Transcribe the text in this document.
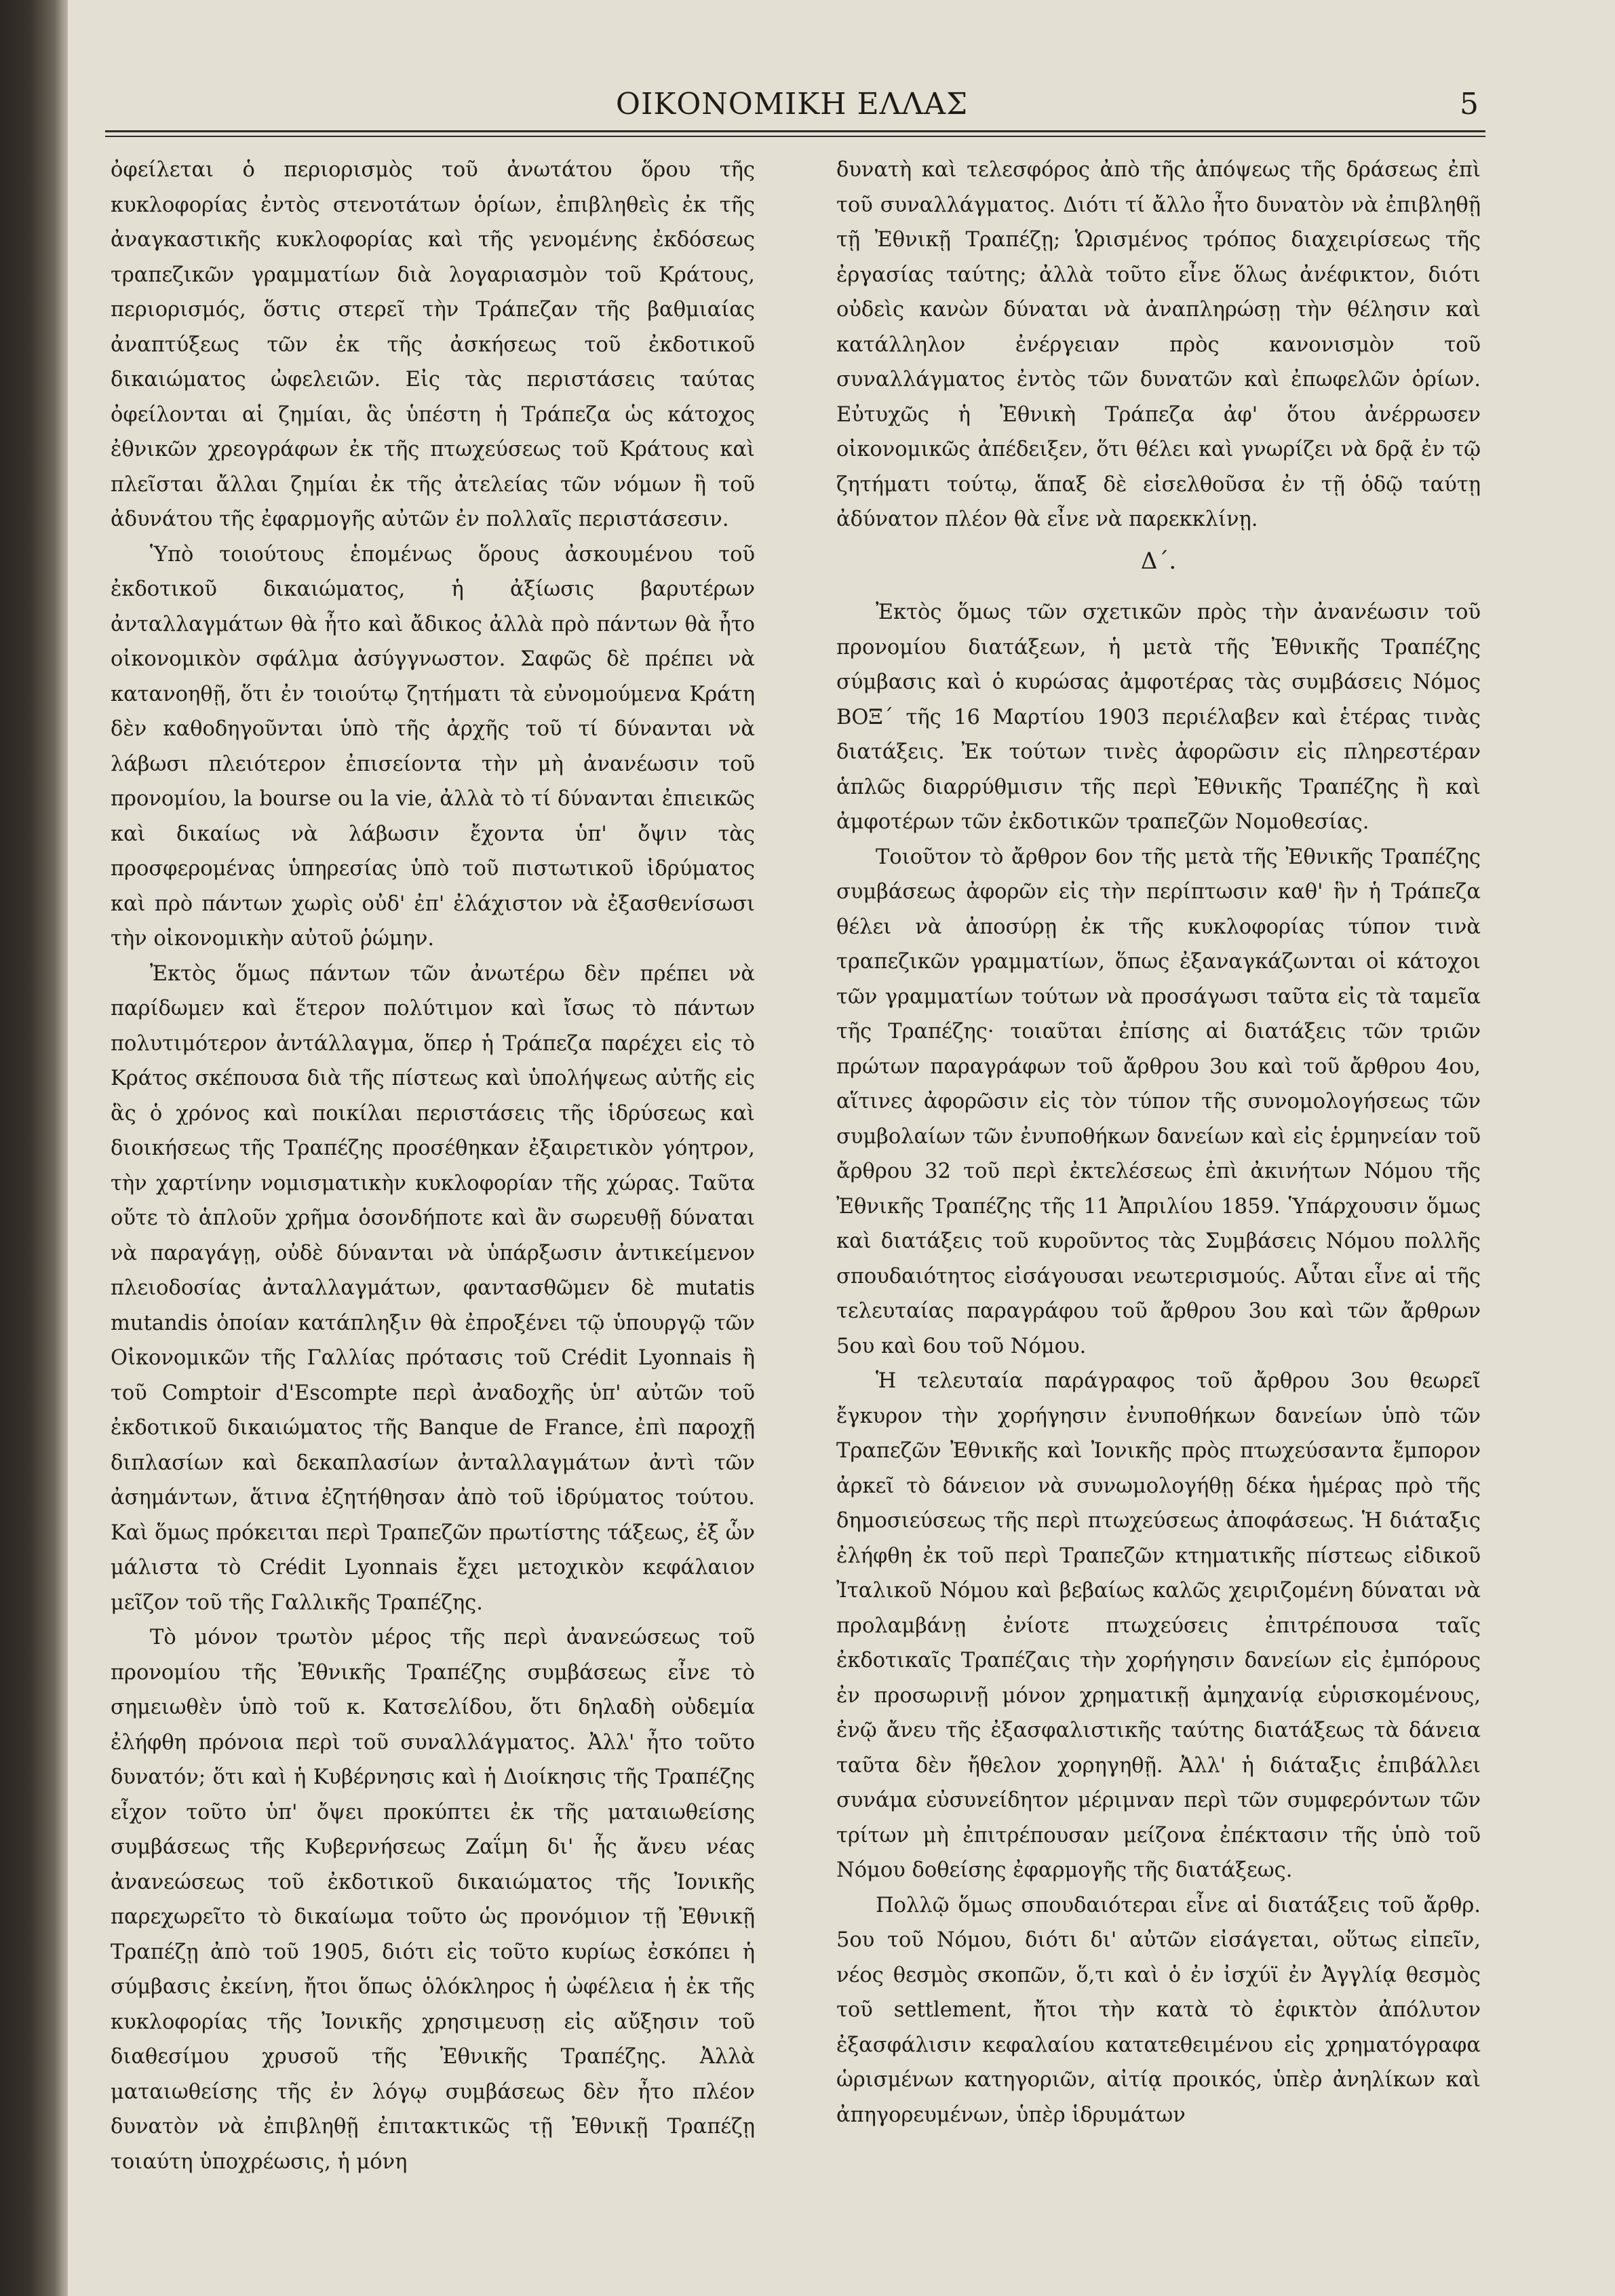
ΟΙΚΟΝΟΜΙΚΗ ΕΛΛΑΣ	5

ὀφείλεται ὁ περιορισμὸς τοῦ ἀνωτάτου ὅρου τῆς κυκλοφορίας ἐντὸς στενοτάτων ὁρίων, ἐπιβληθεὶς ἐκ τῆς ἀναγκαστικῆς κυκλοφορίας καὶ τῆς γενομένης ἐκδόσεως τραπεζικῶν γραμματίων διὰ λογαριασμὸν τοῦ Κράτους, περιορισμός, ὅστις στερεῖ τὴν Τράπεζαν τῆς βαθμιαίας ἀναπτύξεως τῶν ἐκ τῆς ἀσκήσεως τοῦ ἐκδοτικοῦ δικαιώματος ὠφελειῶν. Εἰς τὰς περιστάσεις ταύτας ὀφείλονται αἱ ζημίαι, ἃς ὑπέστη ἡ Τράπεζα ὡς κάτοχος ἐθνικῶν χρεογράφων ἐκ τῆς πτωχεύσεως τοῦ Κράτους καὶ πλεῖσται ἄλλαι ζημίαι ἐκ τῆς ἀτελείας τῶν νόμων ἢ τοῦ ἀδυνάτου τῆς ἐφαρμογῆς αὐτῶν ἐν πολλαῖς περιστάσεσιν.

Ὑπὸ τοιούτους ἑπομένως ὅρους ἀσκουμένου τοῦ ἐκδοτικοῦ δικαιώματος, ἡ ἀξίωσις βαρυτέρων ἀνταλλαγμάτων θὰ ἦτο καὶ ἄδικος ἀλλὰ πρὸ πάντων θὰ ἦτο οἰκονομικὸν σφάλμα ἀσύγγνωστον. Σαφῶς δὲ πρέπει νὰ κατανοηθῇ, ὅτι ἐν τοιούτῳ ζητήματι τὰ εὐνομούμενα Κράτη δὲν καθοδηγοῦνται ὑπὸ τῆς ἀρχῆς τοῦ τί δύνανται νὰ λάβωσι πλειότερον ἐπισείοντα τὴν μὴ ἀνανέωσιν τοῦ προνομίου, la bourse ou la vie, ἀλλὰ τὸ τί δύνανται ἐπιεικῶς καὶ δικαίως νὰ λάβωσιν ἔχοντα ὑπ' ὄψιν τὰς προσφερομένας ὑπηρεσίας ὑπὸ τοῦ πιστωτικοῦ ἱδρύματος καὶ πρὸ πάντων χωρὶς οὐδ' ἐπ' ἐλάχιστον νὰ ἐξασθενίσωσι τὴν οἰκονομικὴν αὐτοῦ ῥώμην.

Ἐκτὸς ὅμως πάντων τῶν ἀνωτέρω δὲν πρέπει νὰ παρίδωμεν καὶ ἕτερον πολύτιμον καὶ ἴσως τὸ πάντων πολυτιμότερον ἀντάλλαγμα, ὅπερ ἡ Τράπεζα παρέχει εἰς τὸ Κράτος σκέπουσα διὰ τῆς πίστεως καὶ ὑπολήψεως αὐτῆς εἰς ἃς ὁ χρόνος καὶ ποικίλαι περιστάσεις τῆς ἱδρύσεως καὶ διοικήσεως τῆς Τραπέζης προσέθηκαν ἐξαιρετικὸν γόητρον, τὴν χαρτίνην νομισματικὴν κυκλοφορίαν τῆς χώρας. Ταῦτα οὔτε τὸ ἁπλοῦν χρῆμα ὁσονδήποτε καὶ ἂν σωρευθῇ δύναται νὰ παραγάγῃ, οὐδὲ δύνανται νὰ ὑπάρξωσιν ἀντικείμενον πλειοδοσίας ἀνταλλαγμάτων, φαντασθῶμεν δὲ mutatis mutandis ὁποίαν κατάπληξιν θὰ ἐπροξένει τῷ ὑπουργῷ τῶν Οἰκονομικῶν τῆς Γαλλίας πρότασις τοῦ Crédit Lyonnais ἢ τοῦ Comptoir d'Escompte περὶ ἀναδοχῆς ὑπ' αὐτῶν τοῦ ἐκδοτικοῦ δικαιώματος τῆς Banque de France, ἐπὶ παροχῇ διπλασίων καὶ δεκαπλασίων ἀνταλλαγμάτων ἀντὶ τῶν ἀσημάντων, ἅτινα ἐζητήθησαν ἀπὸ τοῦ ἱδρύματος τούτου. Καὶ ὅμως πρόκειται περὶ Τραπεζῶν πρωτίστης τάξεως, ἐξ ὧν μάλιστα τὸ Crédit Lyonnais ἔχει μετοχικὸν κεφάλαιον μεῖζον τοῦ τῆς Γαλλικῆς Τραπέζης.

Τὸ μόνον τρωτὸν μέρος τῆς περὶ ἀνανεώσεως τοῦ προνομίου τῆς Ἐθνικῆς Τραπέζης συμβάσεως εἶνε τὸ σημειωθὲν ὑπὸ τοῦ κ. Κατσελίδου, ὅτι δηλαδὴ οὐδεμία ἐλήφθη πρόνοια περὶ τοῦ συναλλάγματος. Ἀλλ' ἦτο τοῦτο δυνατόν; ὅτι καὶ ἡ Κυβέρνησις καὶ ἡ Διοίκησις τῆς Τραπέζης εἶχον τοῦτο ὑπ' ὄψει προκύπτει ἐκ τῆς ματαιωθείσης συμβάσεως τῆς Κυβερνήσεως Ζαΐμη δι' ἧς ἄνευ νέας ἀνανεώσεως τοῦ ἐκδοτικοῦ δικαιώματος τῆς Ἰονικῆς παρεχωρεῖτο τὸ δικαίωμα τοῦτο ὡς προνόμιον τῇ Ἐθνικῇ Τραπέζῃ ἀπὸ τοῦ 1905, διότι εἰς τοῦτο κυρίως ἐσκόπει ἡ σύμβασις ἐκείνη, ἤτοι ὅπως ὁλόκληρος ἡ ὠφέλεια ἡ ἐκ τῆς κυκλοφορίας τῆς Ἰονικῆς χρησιμευσῃ εἰς αὔξησιν τοῦ διαθεσίμου χρυσοῦ τῆς Ἐθνικῆς Τραπέζης. Ἀλλὰ ματαιωθείσης τῆς ἐν λόγῳ συμβάσεως δὲν ἦτο πλέον δυνατὸν νὰ ἐπιβληθῇ ἐπιτακτικῶς τῇ Ἐθνικῇ Τραπέζῃ τοιαύτη ὑποχρέωσις, ἡ μόνη

δυνατὴ καὶ τελεσφόρος ἀπὸ τῆς ἀπόψεως τῆς δράσεως ἐπὶ τοῦ συναλλάγματος. Διότι τί ἄλλο ἦτο δυνατὸν νὰ ἐπιβληθῇ τῇ Ἐθνικῇ Τραπέζῃ; Ὡρισμένος τρόπος διαχειρίσεως τῆς ἐργασίας ταύτης; ἀλλὰ τοῦτο εἶνε ὅλως ἀνέφικτον, διότι οὐδεὶς κανὼν δύναται νὰ ἀναπληρώσῃ τὴν θέλησιν καὶ κατάλληλον ἐνέργειαν πρὸς κανονισμὸν τοῦ συναλλάγματος ἐντὸς τῶν δυνατῶν καὶ ἐπωφελῶν ὁρίων. Εὐτυχῶς ἡ Ἐθνικὴ Τράπεζα ἀφ' ὅτου ἀνέρρωσεν οἰκονομικῶς ἀπέδειξεν, ὅτι θέλει καὶ γνωρίζει νὰ δρᾷ ἐν τῷ ζητήματι τούτῳ, ἅπαξ δὲ εἰσελθοῦσα ἐν τῇ ὁδῷ ταύτῃ ἀδύνατον πλέον θὰ εἶνε νὰ παρεκκλίνῃ.

Δ΄.

Ἐκτὸς ὅμως τῶν σχετικῶν πρὸς τὴν ἀνανέωσιν τοῦ προνομίου διατάξεων, ἡ μετὰ τῆς Ἐθνικῆς Τραπέζης σύμβασις καὶ ὁ κυρώσας ἀμφοτέρας τὰς συμβάσεις Νόμος ΒΟΞ΄ τῆς 16 Μαρτίου 1903 περιέλαβεν καὶ ἑτέρας τινὰς διατάξεις. Ἐκ τούτων τινὲς ἀφορῶσιν εἰς πληρεστέραν ἁπλῶς διαρρύθμισιν τῆς περὶ Ἐθνικῆς Τραπέζης ἢ καὶ ἀμφοτέρων τῶν ἐκδοτικῶν τραπεζῶν Νομοθεσίας.

Τοιοῦτον τὸ ἄρθρον 6ον τῆς μετὰ τῆς Ἐθνικῆς Τραπέζης συμβάσεως ἀφορῶν εἰς τὴν περίπτωσιν καθ' ἣν ἡ Τράπεζα θέλει νὰ ἀποσύρῃ ἐκ τῆς κυκλοφορίας τύπον τινὰ τραπεζικῶν γραμματίων, ὅπως ἐξαναγκάζωνται οἱ κάτοχοι τῶν γραμματίων τούτων νὰ προσάγωσι ταῦτα εἰς τὰ ταμεῖα τῆς Τραπέζης· τοιαῦται ἐπίσης αἱ διατάξεις τῶν τριῶν πρώτων παραγράφων τοῦ ἄρθρου 3ου καὶ τοῦ ἄρθρου 4ου, αἵτινες ἀφορῶσιν εἰς τὸν τύπον τῆς συνομολογήσεως τῶν συμβολαίων τῶν ἐνυποθήκων δανείων καὶ εἰς ἑρμηνείαν τοῦ ἄρθρου 32 τοῦ περὶ ἐκτελέσεως ἐπὶ ἀκινήτων Νόμου τῆς Ἐθνικῆς Τραπέζης τῆς 11 Ἀπριλίου 1859. Ὑπάρχουσιν ὅμως καὶ διατάξεις τοῦ κυροῦντος τὰς Συμβάσεις Νόμου πολλῆς σπουδαιότητος εἰσάγουσαι νεωτερισμούς. Αὗται εἶνε αἱ τῆς τελευταίας παραγράφου τοῦ ἄρθρου 3ου καὶ τῶν ἄρθρων 5ου καὶ 6ου τοῦ Νόμου.

Ἡ τελευταία παράγραφος τοῦ ἄρθρου 3ου θεωρεῖ ἔγκυρον τὴν χορήγησιν ἐνυποθήκων δανείων ὑπὸ τῶν Τραπεζῶν Ἐθνικῆς καὶ Ἰονικῆς πρὸς πτωχεύσαντα ἔμπορον ἀρκεῖ τὸ δάνειον νὰ συνωμολογήθῃ δέκα ἡμέρας πρὸ τῆς δημοσιεύσεως τῆς περὶ πτωχεύσεως ἀποφάσεως. Ἡ διάταξις ἐλήφθη ἐκ τοῦ περὶ Τραπεζῶν κτηματικῆς πίστεως εἰδικοῦ Ἰταλικοῦ Νόμου καὶ βεβαίως καλῶς χειριζομένη δύναται νὰ προλαμβάνῃ ἐνίοτε πτωχεύσεις ἐπιτρέπουσα ταῖς ἐκδοτικαῖς Τραπέζαις τὴν χορήγησιν δανείων εἰς ἐμπόρους ἐν προσωρινῇ μόνον χρηματικῇ ἀμηχανίᾳ εὑρισκομένους, ἐνῷ ἄνευ τῆς ἐξασφαλιστικῆς ταύτης διατάξεως τὰ δάνεια ταῦτα δὲν ἤθελον χορηγηθῇ. Ἀλλ' ἡ διάταξις ἐπιβάλλει συνάμα εὐσυνείδητον μέριμναν περὶ τῶν συμφερόντων τῶν τρίτων μὴ ἐπιτρέπουσαν μείζονα ἐπέκτασιν τῆς ὑπὸ τοῦ Νόμου δοθείσης ἐφαρμογῆς τῆς διατάξεως.

Πολλῷ ὅμως σπουδαιότεραι εἶνε αἱ διατάξεις τοῦ ἄρθρ. 5ου τοῦ Νόμου, διότι δι' αὐτῶν εἰσάγεται, οὕτως εἰπεῖν, νέος θεσμὸς σκοπῶν, ὅ,τι καὶ ὁ ἐν ἰσχύϊ ἐν Ἀγγλίᾳ θεσμὸς τοῦ settlement, ἤτοι τὴν κατὰ τὸ ἐφικτὸν ἀπόλυτον ἐξασφάλισιν κεφαλαίου κατατεθειμένου εἰς χρηματόγραφα ὡρισμένων κατηγοριῶν, αἰτίᾳ προικός, ὑπὲρ ἀνηλίκων καὶ ἀπηγορευμένων, ὑπὲρ ἱδρυμάτων
